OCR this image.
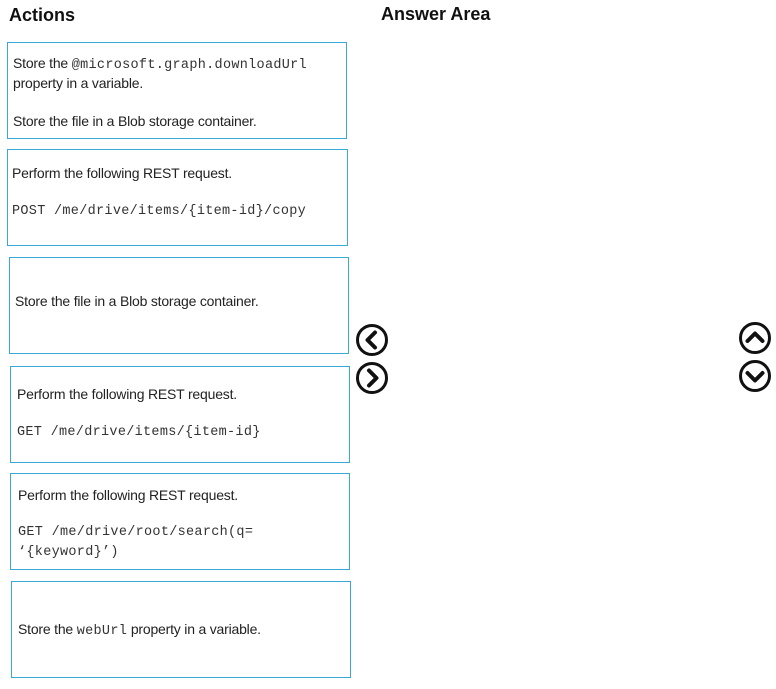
Actions	Answer Area
Store the @microsoft.graph.downloadUrl
property in a variable.
Store the file in a Blob storage container.
Perform the following REST request.
POST /me/drive/items/{item-id}/copy
Store the file in a Blob storage container.
Perform the following REST request.
GET /me/drive/items/{item-id}
Perform the following REST request.
GET /me/drive/root/search(q=
‘{keyword}’)
Store the webUrl property in a variable.
